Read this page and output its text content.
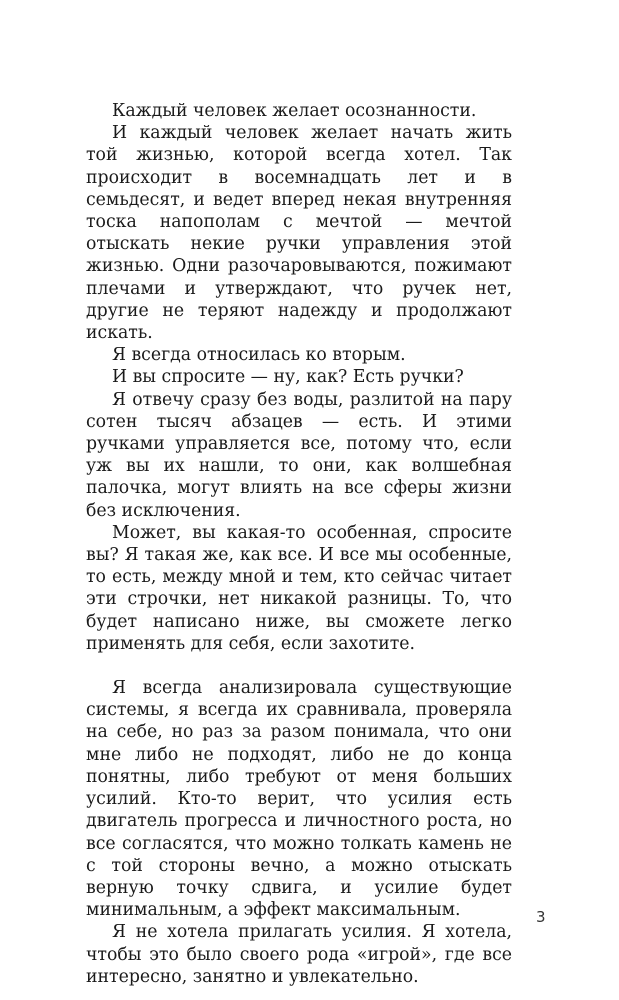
Каждый человек желает осознанности.

И каждый человек желает начать жить той жизнью, которой всегда хотел. Так происходит в восемнадцать лет и в семьдесят, и ведет вперед некая внутренняя тоска напополам с мечтой — мечтой отыскать некие ручки управления этой жизнью. Одни разочаровываются, пожимают плечами и утверждают, что ручек нет, другие не теряют надежду и продолжают искать.

Я всегда относилась ко вторым.

И вы спросите — ну, как? Есть ручки?

Я отвечу сразу без воды, разлитой на пару сотен тысяч абзацев — есть. И этими ручками управляется все, потому что, если уж вы их нашли, то они, как волшебная палочка, могут влиять на все сферы жизни без исключения.

Может, вы какая-то особенная, спросите вы? Я такая же, как все. И все мы особенные, то есть, между мной и тем, кто сейчас читает эти строчки, нет никакой разницы. То, что будет написано ниже, вы сможете легко применять для себя, если захотите.

Я всегда анализировала существующие системы, я всегда их сравнивала, проверяла на себе, но раз за разом понимала, что они мне либо не подходят, либо не до конца понятны, либо требуют от меня больших усилий. Кто-то верит, что усилия есть двигатель прогресса и личностного роста, но все согласятся, что можно толкать камень не с той стороны вечно, а можно отыскать верную точку сдвига, и усилие будет минимальным, а эффект максимальным.

Я не хотела прилагать усилия. Я хотела, чтобы это было своего рода «игрой», где все интересно, занятно и увлекательно.

3
